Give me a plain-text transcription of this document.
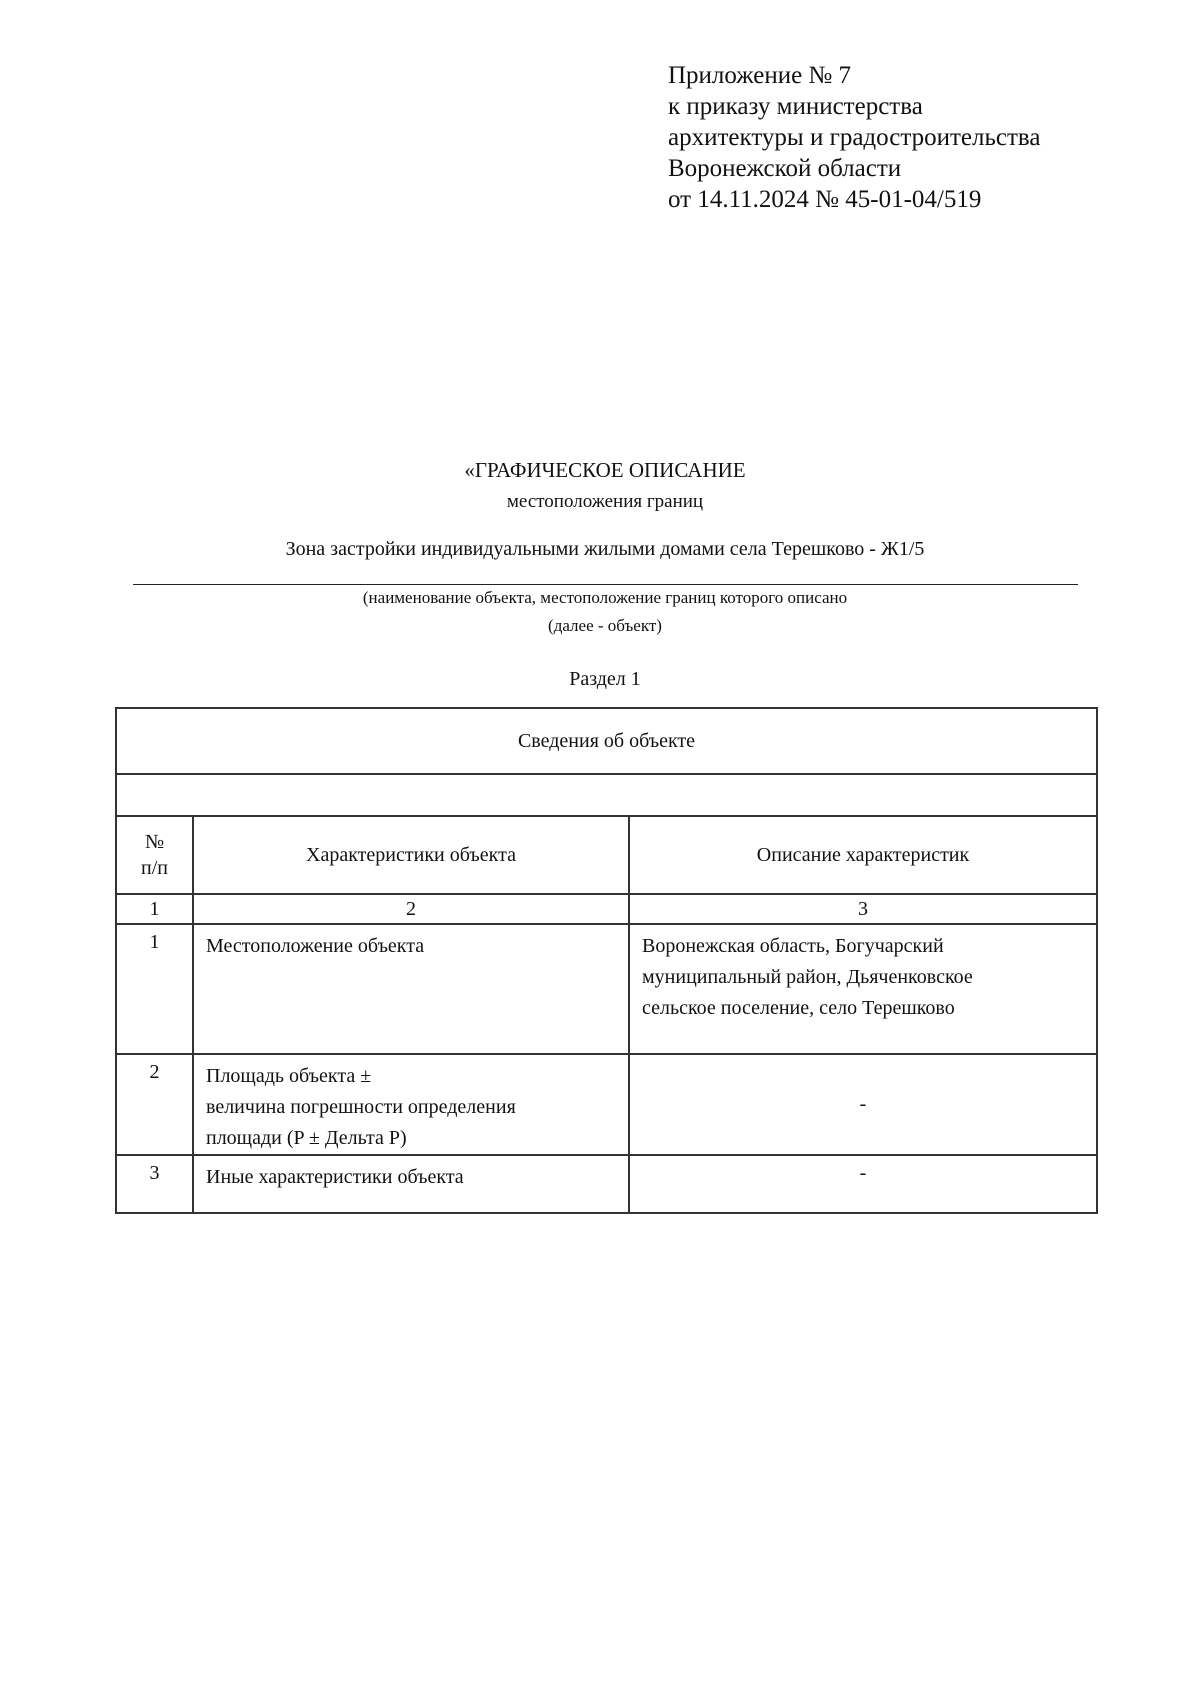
Приложение № 7
к приказу министерства
архитектуры и градостроительства
Воронежской области
от 14.11.2024 № 45-01-04/519
«ГРАФИЧЕСКОЕ ОПИСАНИЕ
местоположения границ
Зона застройки индивидуальными жилыми домами села Терешково - Ж1/5
(наименование объекта, местоположение границ которого описано
(далее - объект)
Раздел 1
Сведения об объекте		

№
п/п	Характеристики объекта	Описание характеристик
1	2	3
1	Местоположение объекта	Воронежская область, Богучарский
муниципальный район, Дьяченковское
сельское поселение, село Терешково

2	Площадь объекта ±
величина погрешности определения
площади (P ± Дельта P)	-
3	Иные характеристики объекта	-
